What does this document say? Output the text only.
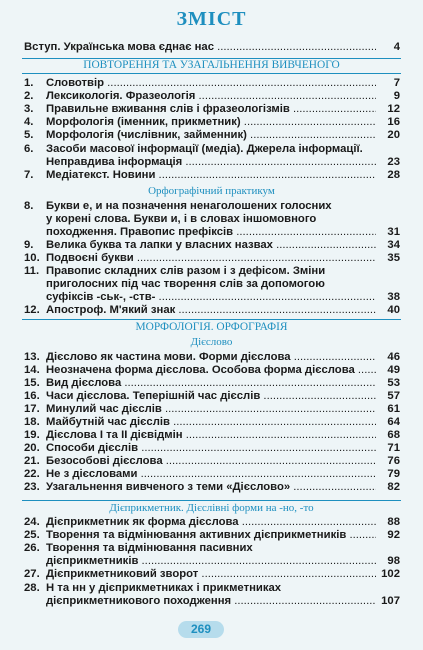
ЗМІСТ
Вступ. Українська мова єднає нас .....	4
ПОВТОРЕННЯ ТА УЗАГАЛЬНЕННЯ ВИВЧЕНОГО
1.	Словотвір .....	7
2.	Лексикологія. Фразеологія .....	9
3.	Правильне вживання слів і фразеологізмів .....	12
4.	Морфологія (іменник, прикметник) .....	16
5.	Морфологія (числівник, займенник) .....	20
6.	Засоби масової інформації (медіа). Джерела інформації.
Неправдива інформація .....	23
7.	Медіатекст. Новини .....	28
Орфографічний практикум
8.	Букви е, и на позначення ненаголошених голосних
у корені слова. Букви и, і в словах іншомовного
походження. Правопис префіксів .....	31
9.	Велика буква та лапки у власних назвах .....	34
10. Подвоєні букви .....	35
11. Правопис складних слів разом і з дефісом. Зміни
приголосних під час творення слів за допомогою
суфіксів -ськ-, -ств- .....	38
12. Апостроф. М'який знак .....	40
МОРФОЛОГІЯ. ОРФОГРАФІЯ
Дієслово
13. Дієслово як частина мови. Форми дієслова .....	46
14. Неозначена форма дієслова. Особова форма дієслова .....	49
15. Вид дієслова .....	53
16. Часи дієслова. Теперішній час дієслів .....	57
17. Минулий час дієслів .....	61
18. Майбутній час дієслів .....	64
19. Дієслова I та II дієвідмін .....	68
20. Способи дієслів .....	71
21. Безособові дієслова .....	76
22. Не з дієсловами .....	79
23. Узагальнення вивченого з теми «Дієслово» .....	82
Дієприкметник. Дієслівні форми на -но, -то
24. Дієприкметник як форма дієслова .....	88
25. Творення та відмінювання активних дієприкметників .....	92
26. Творення та відмінювання пасивних
дієприкметників .....	98
27. Дієприкметниковий зворот .....	102
28. Н та нн у дієприкметниках і прикметниках
дієприкметникового походження .....	107
269
